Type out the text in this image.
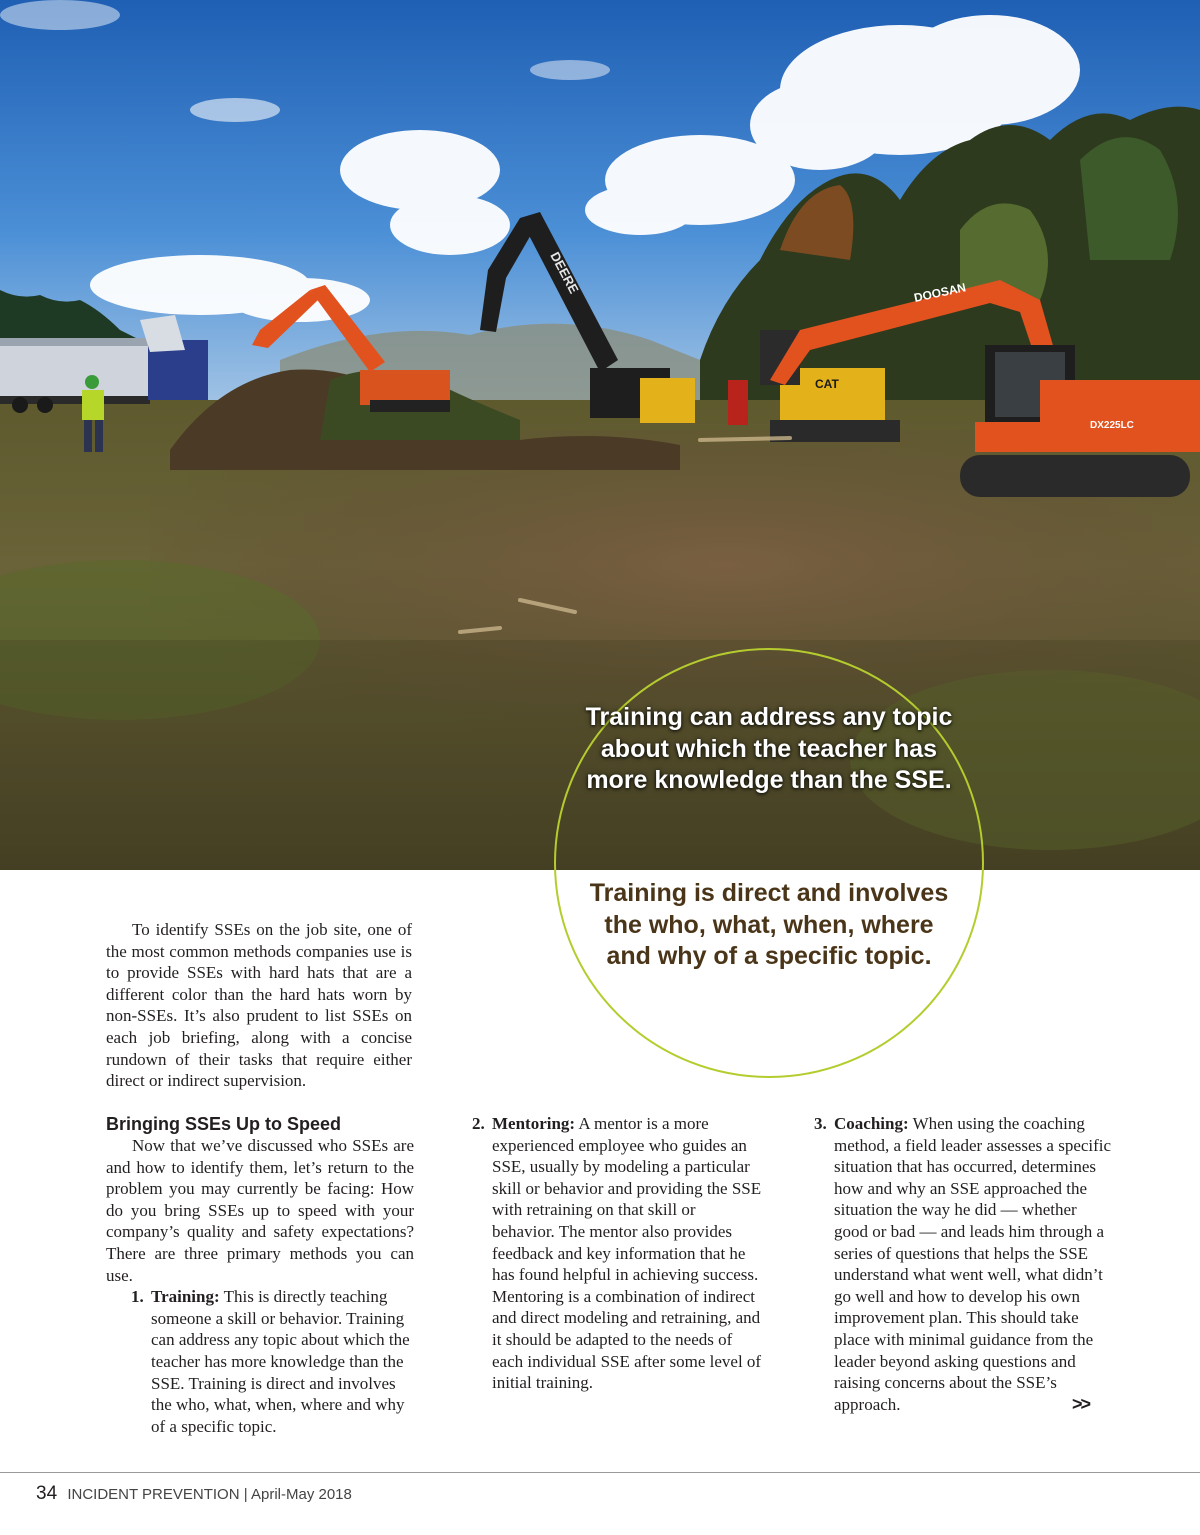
DEERE
CAT
DOOSAN
DX225LC

Training can address any topic about which the teacher has more knowledge than the SSE.

Training is direct and involves the who, what, when, where and why of a specific topic.

To identify SSEs on the job site, one of the most common methods companies use is to provide SSEs with hard hats that are a different color than the hard hats worn by non-SSEs. It’s also prudent to list SSEs on each job briefing, along with a concise rundown of their tasks that require either direct or indirect supervision.

Bringing SSEs Up to Speed

Now that we’ve discussed who SSEs are and how to identify them, let’s return to the problem you may currently be facing: How do you bring SSEs up to speed with your company’s quality and safety expectations? There are three primary methods you can use.

1. Training: This is directly teaching someone a skill or behavior. Training can address any topic about which the teacher has more knowledge than the SSE. Training is direct and involves the who, what, when, where and why of a specific topic.
2. Mentoring: A mentor is a more experienced employee who guides an SSE, usually by modeling a particular skill or behavior and providing the SSE with retraining on that skill or behavior. The mentor also provides feedback and key information that he has found helpful in achieving success. Mentoring is a combination of indirect and direct modeling and retraining, and it should be adapted to the needs of each individual SSE after some level of initial training.
3. Coaching: When using the coaching method, a field leader assesses a specific situation that has occurred, determines how and why an SSE approached the situation the way he did — whether good or bad — and leads him through a series of questions that helps the SSE understand what went well, what didn’t go well and how to develop his own improvement plan. This should take place with minimal guidance from the leader beyond asking questions and raising concerns about the SSE’s approach.	>>
34 INCIDENT PREVENTION | April-May 2018
